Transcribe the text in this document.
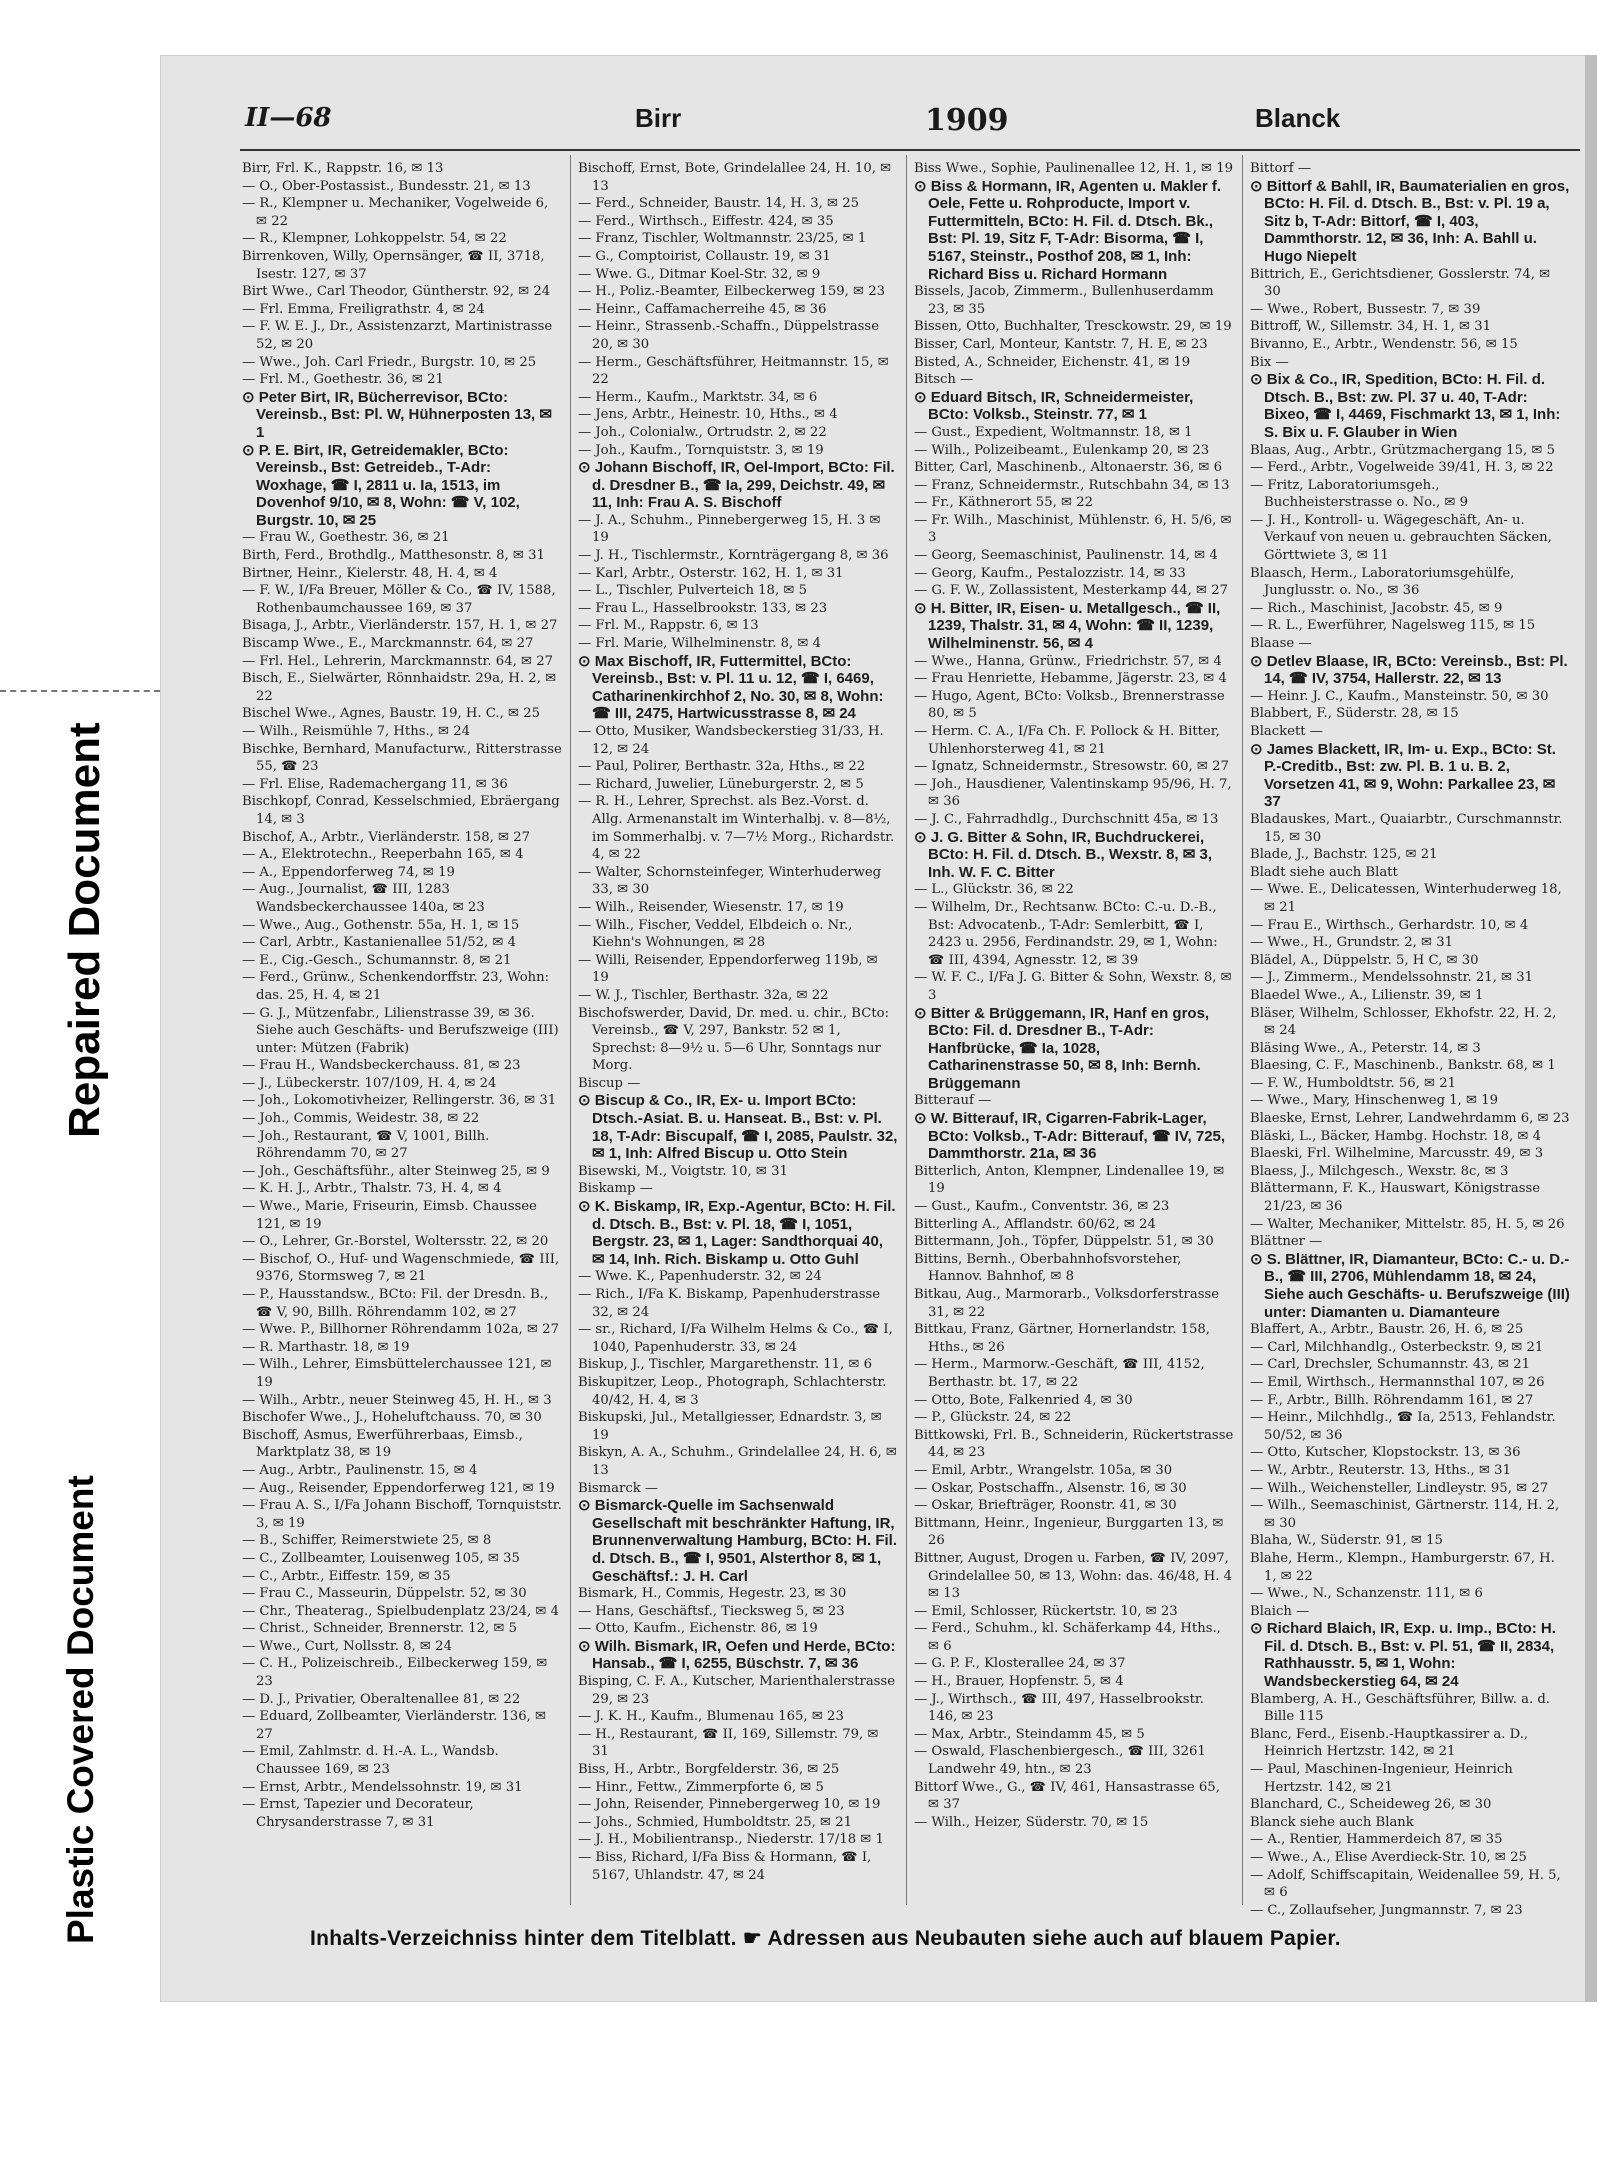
Repaired Document
Plastic Covered Document
II—68	Birr	1909	Blanck

Birr, Frl. K., Rappstr. 16, ✉ 13

— O., Ober-Postassist., Bundesstr. 21, ✉ 13

— R., Klempner u. Mechaniker, Vogelweide 6, ✉ 22

— R., Klempner, Lohkoppelstr. 54, ✉ 22

Birrenkoven, Willy, Opernsänger, ☎ II, 3718, Isestr. 127, ✉ 37

Birt Wwe., Carl Theodor, Güntherstr. 92, ✉ 24

— Frl. Emma, Freiligrathstr. 4, ✉ 24

— F. W. E. J., Dr., Assistenzarzt, Martinistrasse 52, ✉ 20

— Wwe., Joh. Carl Friedr., Burgstr. 10, ✉ 25

— Frl. M., Goethestr. 36, ✉ 21

⊙ Peter Birt, IR, Bücherrevisor, BCto: Vereinsb., Bst: Pl. W, Hühnerposten 13, ✉ 1

⊙ P. E. Birt, IR, Getreidemakler, BCto: Vereinsb., Bst: Getreideb., T-Adr: Woxhage, ☎ I, 2811 u. Ia, 1513, im Dovenhof 9/10, ✉ 8, Wohn: ☎ V, 102, Burgstr. 10, ✉ 25

— Frau W., Goethestr. 36, ✉ 21

Birth, Ferd., Brothdlg., Matthesonstr. 8, ✉ 31

Birtner, Heinr., Kielerstr. 48, H. 4, ✉ 4

— F. W., I/Fa Breuer, Möller & Co., ☎ IV, 1588, Rothenbaumchaussee 169, ✉ 37

Bisaga, J., Arbtr., Vierländerstr. 157, H. 1, ✉ 27

Biscamp Wwe., E., Marckmannstr. 64, ✉ 27

— Frl. Hel., Lehrerin, Marckmannstr. 64, ✉ 27

Bisch, E., Sielwärter, Rönnhaidstr. 29a, H. 2, ✉ 22

Bischel Wwe., Agnes, Baustr. 19, H. C., ✉ 25

— Wilh., Reismühle 7, Hths., ✉ 24

Bischke, Bernhard, Manufacturw., Ritterstrasse 55, ☎ 23

— Frl. Elise, Rademachergang 11, ✉ 36

Bischkopf, Conrad, Kesselschmied, Ebräergang 14, ✉ 3

Bischof, A., Arbtr., Vierländerstr. 158, ✉ 27

— A., Elektrotechn., Reeperbahn 165, ✉ 4

— A., Eppendorferweg 74, ✉ 19

— Aug., Journalist, ☎ III, 1283 Wandsbeckerchaussee 140a, ✉ 23

— Wwe., Aug., Gothenstr. 55a, H. 1, ✉ 15

— Carl, Arbtr., Kastanienallee 51/52, ✉ 4

— E., Cig.-Gesch., Schumannstr. 8, ✉ 21

— Ferd., Grünw., Schenkendorffstr. 23, Wohn: das. 25, H. 4, ✉ 21

— G. J., Mützenfabr., Lilienstrasse 39, ✉ 36. Siehe auch Geschäfts- und Berufszweige (III) unter: Mützen (Fabrik)

— Frau H., Wandsbeckerchauss. 81, ✉ 23

— J., Lübeckerstr. 107/109, H. 4, ✉ 24

— Joh., Lokomotivheizer, Rellingerstr. 36, ✉ 31

— Joh., Commis, Weidestr. 38, ✉ 22

— Joh., Restaurant, ☎ V, 1001, Billh. Röhrendamm 70, ✉ 27

— Joh., Geschäftsführ., alter Steinweg 25, ✉ 9

— K. H. J., Arbtr., Thalstr. 73, H. 4, ✉ 4

— Wwe., Marie, Friseurin, Eimsb. Chaussee 121, ✉ 19

— O., Lehrer, Gr.-Borstel, Woltersstr. 22, ✉ 20

— Bischof, O., Huf- und Wagenschmiede, ☎ III, 9376, Stormsweg 7, ✉ 21

— P., Hausstandsw., BCto: Fil. der Dresdn. B., ☎ V, 90, Billh. Röhrendamm 102, ✉ 27

— Wwe. P., Billhorner Röhrendamm 102a, ✉ 27

— R. Marthastr. 18, ✉ 19

— Wilh., Lehrer, Eimsbüttelerchaussee 121, ✉ 19

— Wilh., Arbtr., neuer Steinweg 45, H. H., ✉ 3

Bischofer Wwe., J., Hoheluftchauss. 70, ✉ 30

Bischoff, Asmus, Ewerführerbaas, Eimsb., Marktplatz 38, ✉ 19

— Aug., Arbtr., Paulinenstr. 15, ✉ 4

— Aug., Reisender, Eppendorferweg 121, ✉ 19

— Frau A. S., I/Fa Johann Bischoff, Tornquiststr. 3, ✉ 19

— B., Schiffer, Reimerstwiete 25, ✉ 8

— C., Zollbeamter, Louisenweg 105, ✉ 35

— C., Arbtr., Eiffestr. 159, ✉ 35

— Frau C., Masseurin, Düppelstr. 52, ✉ 30

— Chr., Theaterag., Spielbudenplatz 23/24, ✉ 4

— Christ., Schneider, Brennerstr. 12, ✉ 5

— Wwe., Curt, Nollsstr. 8, ✉ 24

— C. H., Polizeischreib., Eilbeckerweg 159, ✉ 23

— D. J., Privatier, Oberaltenallee 81, ✉ 22

— Eduard, Zollbeamter, Vierländerstr. 136, ✉ 27

— Emil, Zahlmstr. d. H.-A. L., Wandsb. Chaussee 169, ✉ 23

— Ernst, Arbtr., Mendelssohnstr. 19, ✉ 31

— Ernst, Tapezier und Decorateur, Chrysanderstrasse 7, ✉ 31

Bischoff, Ernst, Bote, Grindelallee 24, H. 10, ✉ 13

— Ferd., Schneider, Baustr. 14, H. 3, ✉ 25

— Ferd., Wirthsch., Eiffestr. 424, ✉ 35

— Franz, Tischler, Woltmannstr. 23/25, ✉ 1

— G., Comptoirist, Collaustr. 19, ✉ 31

— Wwe. G., Ditmar Koel-Str. 32, ✉ 9

— H., Poliz.-Beamter, Eilbeckerweg 159, ✉ 23

— Heinr., Caffamacherreihe 45, ✉ 36

— Heinr., Strassenb.-Schaffn., Düppelstrasse 20, ✉ 30

— Herm., Geschäftsführer, Heitmannstr. 15, ✉ 22

— Herm., Kaufm., Marktstr. 34, ✉ 6

— Jens, Arbtr., Heinestr. 10, Hths., ✉ 4

— Joh., Colonialw., Ortrudstr. 2, ✉ 22

— Joh., Kaufm., Tornquiststr. 3, ✉ 19

⊙ Johann Bischoff, IR, Oel-Import, BCto: Fil. d. Dresdner B., ☎ Ia, 299, Deichstr. 49, ✉ 11, Inh: Frau A. S. Bischoff

— J. A., Schuhm., Pinnebergerweg 15, H. 3 ✉ 19

— J. H., Tischlermstr., Kornträgergang 8, ✉ 36

— Karl, Arbtr., Osterstr. 162, H. 1, ✉ 31

— L., Tischler, Pulverteich 18, ✉ 5

— Frau L., Hasselbrookstr. 133, ✉ 23

— Frl. M., Rappstr. 6, ✉ 13

— Frl. Marie, Wilhelminenstr. 8, ✉ 4

⊙ Max Bischoff, IR, Futtermittel, BCto: Vereinsb., Bst: v. Pl. 11 u. 12, ☎ I, 6469, Catharinenkirchhof 2, No. 30, ✉ 8, Wohn: ☎ III, 2475, Hartwicusstrasse 8, ✉ 24

— Otto, Musiker, Wandsbeckerstieg 31/33, H. 12, ✉ 24

— Paul, Polirer, Berthastr. 32a, Hths., ✉ 22

— Richard, Juwelier, Lüneburgerstr. 2, ✉ 5

— R. H., Lehrer, Sprechst. als Bez.-Vorst. d. Allg. Armenanstalt im Winterhalbj. v. 8—8½, im Sommerhalbj. v. 7—7½ Morg., Richardstr. 4, ✉ 22

— Walter, Schornsteinfeger, Winterhuderweg 33, ✉ 30

— Wilh., Reisender, Wiesenstr. 17, ✉ 19

— Wilh., Fischer, Veddel, Elbdeich o. Nr., Kiehn's Wohnungen, ✉ 28

— Willi, Reisender, Eppendorferweg 119b, ✉ 19

— W. J., Tischler, Berthastr. 32a, ✉ 22

Bischofswerder, David, Dr. med. u. chir., BCto: Vereinsb., ☎ V, 297, Bankstr. 52 ✉ 1, Sprechst: 8—9½ u. 5—6 Uhr, Sonntags nur Morg.

Biscup —

⊙ Biscup & Co., IR, Ex- u. Import BCto: Dtsch.-Asiat. B. u. Hanseat. B., Bst: v. Pl. 18, T-Adr: Biscupalf, ☎ I, 2085, Paulstr. 32, ✉ 1, Inh: Alfred Biscup u. Otto Stein

Bisewski, M., Voigtstr. 10, ✉ 31

Biskamp —

⊙ K. Biskamp, IR, Exp.-Agentur, BCto: H. Fil. d. Dtsch. B., Bst: v. Pl. 18, ☎ I, 1051, Bergstr. 23, ✉ 1, Lager: Sandthorquai 40, ✉ 14, Inh. Rich. Biskamp u. Otto Guhl

— Wwe. K., Papenhuderstr. 32, ✉ 24

— Rich., I/Fa K. Biskamp, Papenhuderstrasse 32, ✉ 24

— sr., Richard, I/Fa Wilhelm Helms & Co., ☎ I, 1040, Papenhuderstr. 33, ✉ 24

Biskup, J., Tischler, Margarethenstr. 11, ✉ 6

Biskupitzer, Leop., Photograph, Schlachterstr. 40/42, H. 4, ✉ 3

Biskupski, Jul., Metallgiesser, Ednardstr. 3, ✉ 19

Biskyn, A. A., Schuhm., Grindelallee 24, H. 6, ✉ 13

Bismarck —

⊙ Bismarck-Quelle im Sachsenwald Gesellschaft mit beschränkter Haftung, IR, Brunnenverwaltung Hamburg, BCto: H. Fil. d. Dtsch. B., ☎ I, 9501, Alsterthor 8, ✉ 1, Geschäftsf.: J. H. Carl

Bismark, H., Commis, Hegestr. 23, ✉ 30

— Hans, Geschäftsf., Tiecksweg 5, ✉ 23

— Otto, Kaufm., Eichenstr. 86, ✉ 19

⊙ Wilh. Bismark, IR, Oefen und Herde, BCto: Hansab., ☎ I, 6255, Büschstr. 7, ✉ 36

Bisping, C. F. A., Kutscher, Marienthalerstrasse 29, ✉ 23

— J. K. H., Kaufm., Blumenau 165, ✉ 23

— H., Restaurant, ☎ II, 169, Sillemstr. 79, ✉ 31

Biss, H., Arbtr., Borgfelderstr. 36, ✉ 25

— Hinr., Fettw., Zimmerpforte 6, ✉ 5

— John, Reisender, Pinnebergerweg 10, ✉ 19

— Johs., Schmied, Humboldtstr. 25, ✉ 21

— J. H., Mobilientransp., Niederstr. 17/18 ✉ 1

— Biss, Richard, I/Fa Biss & Hormann, ☎ I, 5167, Uhlandstr. 47, ✉ 24

Biss Wwe., Sophie, Paulinenallee 12, H. 1, ✉ 19

⊙ Biss & Hormann, IR, Agenten u. Makler f. Oele, Fette u. Rohproducte, Import v. Futtermitteln, BCto: H. Fil. d. Dtsch. Bk., Bst: Pl. 19, Sitz F, T-Adr: Bisorma, ☎ I, 5167, Steinstr., Posthof 208, ✉ 1, Inh: Richard Biss u. Richard Hormann

Bissels, Jacob, Zimmerm., Bullenhuserdamm 23, ✉ 35

Bissen, Otto, Buchhalter, Tresckowstr. 29, ✉ 19

Bisser, Carl, Monteur, Kantstr. 7, H. E, ✉ 23

Bisted, A., Schneider, Eichenstr. 41, ✉ 19

Bitsch —

⊙ Eduard Bitsch, IR, Schneidermeister, BCto: Volksb., Steinstr. 77, ✉ 1

— Gust., Expedient, Woltmannstr. 18, ✉ 1

— Wilh., Polizeibeamt., Eulenkamp 20, ✉ 23

Bitter, Carl, Maschinenb., Altonaerstr. 36, ✉ 6

— Franz, Schneidermstr., Rutschbahn 34, ✉ 13

— Fr., Käthnerort 55, ✉ 22

— Fr. Wilh., Maschinist, Mühlenstr. 6, H. 5/6, ✉ 3

— Georg, Seemaschinist, Paulinenstr. 14, ✉ 4

— Georg, Kaufm., Pestalozzistr. 14, ✉ 33

— G. F. W., Zollassistent, Mesterkamp 44, ✉ 27

⊙ H. Bitter, IR, Eisen- u. Metallgesch., ☎ II, 1239, Thalstr. 31, ✉ 4, Wohn: ☎ II, 1239, Wilhelminenstr. 56, ✉ 4

— Wwe., Hanna, Grünw., Friedrichstr. 57, ✉ 4

— Frau Henriette, Hebamme, Jägerstr. 23, ✉ 4

— Hugo, Agent, BCto: Volksb., Brennerstrasse 80, ✉ 5

— Herm. C. A., I/Fa Ch. F. Pollock & H. Bitter, Uhlenhorsterweg 41, ✉ 21

— Ignatz, Schneidermstr., Stresowstr. 60, ✉ 27

— Joh., Hausdiener, Valentinskamp 95/96, H. 7, ✉ 36

— J. C., Fahrradhdlg., Durchschnitt 45a, ✉ 13

⊙ J. G. Bitter & Sohn, IR, Buchdruckerei, BCto: H. Fil. d. Dtsch. B., Wexstr. 8, ✉ 3, Inh. W. F. C. Bitter

— L., Glückstr. 36, ✉ 22

— Wilhelm, Dr., Rechtsanw. BCto: C.-u. D.-B., Bst: Advocatenb., T-Adr: Semlerbitt, ☎ I, 2423 u. 2956, Ferdinandstr. 29, ✉ 1, Wohn: ☎ III, 4394, Agnesstr. 12, ✉ 39

— W. F. C., I/Fa J. G. Bitter & Sohn, Wexstr. 8, ✉ 3

⊙ Bitter & Brüggemann, IR, Hanf en gros, BCto: Fil. d. Dresdner B., T-Adr: Hanfbrücke, ☎ Ia, 1028, Catharinenstrasse 50, ✉ 8, Inh: Bernh. Brüggemann

Bitterauf —

⊙ W. Bitterauf, IR, Cigarren-Fabrik-Lager, BCto: Volksb., T-Adr: Bitterauf, ☎ IV, 725, Dammthorstr. 21a, ✉ 36

Bitterlich, Anton, Klempner, Lindenallee 19, ✉ 19

— Gust., Kaufm., Conventstr. 36, ✉ 23

Bitterling A., Afflandstr. 60/62, ✉ 24

Bittermann, Joh., Töpfer, Düppelstr. 51, ✉ 30

Bittins, Bernh., Oberbahnhofsvorsteher, Hannov. Bahnhof, ✉ 8

Bitkau, Aug., Marmorarb., Volksdorferstrasse 31, ✉ 22

Bittkau, Franz, Gärtner, Hornerlandstr. 158, Hths., ✉ 26

— Herm., Marmorw.-Geschäft, ☎ III, 4152, Berthastr. bt. 17, ✉ 22

— Otto, Bote, Falkenried 4, ✉ 30

— P., Glückstr. 24, ✉ 22

Bittkowski, Frl. B., Schneiderin, Rückertstrasse 44, ✉ 23

— Emil, Arbtr., Wrangelstr. 105a, ✉ 30

— Oskar, Postschaffn., Alsenstr. 16, ✉ 30

— Oskar, Briefträger, Roonstr. 41, ✉ 30

Bittmann, Heinr., Ingenieur, Burggarten 13, ✉ 26

Bittner, August, Drogen u. Farben, ☎ IV, 2097, Grindelallee 50, ✉ 13, Wohn: das. 46/48, H. 4 ✉ 13

— Emil, Schlosser, Rückertstr. 10, ✉ 23

— Ferd., Schuhm., kl. Schäferkamp 44, Hths., ✉ 6

— G. P. F., Klosterallee 24, ✉ 37

— H., Brauer, Hopfenstr. 5, ✉ 4

— J., Wirthsch., ☎ III, 497, Hasselbrookstr. 146, ✉ 23

— Max, Arbtr., Steindamm 45, ✉ 5

— Oswald, Flaschenbiergesch., ☎ III, 3261 Landwehr 49, htn., ✉ 23

Bittorf Wwe., G., ☎ IV, 461, Hansastrasse 65, ✉ 37

— Wilh., Heizer, Süderstr. 70, ✉ 15

Bittorf —

⊙ Bittorf & Bahll, IR, Baumaterialien en gros, BCto: H. Fil. d. Dtsch. B., Bst: v. Pl. 19 a, Sitz b, T-Adr: Bittorf, ☎ I, 403, Dammthorstr. 12, ✉ 36, Inh: A. Bahll u. Hugo Niepelt

Bittrich, E., Gerichtsdiener, Gosslerstr. 74, ✉ 30

— Wwe., Robert, Bussestr. 7, ✉ 39

Bittroff, W., Sillemstr. 34, H. 1, ✉ 31

Bivanno, E., Arbtr., Wendenstr. 56, ✉ 15

Bix —

⊙ Bix & Co., IR, Spedition, BCto: H. Fil. d. Dtsch. B., Bst: zw. Pl. 37 u. 40, T-Adr: Bixeo, ☎ I, 4469, Fischmarkt 13, ✉ 1, Inh: S. Bix u. F. Glauber in Wien

Blaas, Aug., Arbtr., Grützmachergang 15, ✉ 5

— Ferd., Arbtr., Vogelweide 39/41, H. 3, ✉ 22

— Fritz, Laboratoriumsgeh., Buchheisterstrasse o. No., ✉ 9

— J. H., Kontroll- u. Wägegeschäft, An- u. Verkauf von neuen u. gebrauchten Säcken, Görttwiete 3, ✉ 11

Blaasch, Herm., Laboratoriumsgehülfe, Junglusstr. o. No., ✉ 36

— Rich., Maschinist, Jacobstr. 45, ✉ 9

— R. L., Ewerführer, Nagelsweg 115, ✉ 15

Blaase —

⊙ Detlev Blaase, IR, BCto: Vereinsb., Bst: Pl. 14, ☎ IV, 3754, Hallerstr. 22, ✉ 13

— Heinr. J. C., Kaufm., Mansteinstr. 50, ✉ 30

Blabbert, F., Süderstr. 28, ✉ 15

Blackett —

⊙ James Blackett, IR, Im- u. Exp., BCto: St. P.-Creditb., Bst: zw. Pl. B. 1 u. B. 2, Vorsetzen 41, ✉ 9, Wohn: Parkallee 23, ✉ 37

Bladauskes, Mart., Quaiarbtr., Curschmannstr. 15, ✉ 30

Blade, J., Bachstr. 125, ✉ 21

Bladt siehe auch Blatt

— Wwe. E., Delicatessen, Winterhuderweg 18, ✉ 21

— Frau E., Wirthsch., Gerhardstr. 10, ✉ 4

— Wwe., H., Grundstr. 2, ✉ 31

Blädel, A., Düppelstr. 5, H C, ✉ 30

— J., Zimmerm., Mendelssohnstr. 21, ✉ 31

Blaedel Wwe., A., Lilienstr. 39, ✉ 1

Bläser, Wilhelm, Schlosser, Ekhofstr. 22, H. 2, ✉ 24

Bläsing Wwe., A., Peterstr. 14, ✉ 3

Blaesing, C. F., Maschinenb., Bankstr. 68, ✉ 1

— F. W., Humboldtstr. 56, ✉ 21

— Wwe., Mary, Hinschenweg 1, ✉ 19

Blaeske, Ernst, Lehrer, Landwehrdamm 6, ✉ 23

Bläski, L., Bäcker, Hambg. Hochstr. 18, ✉ 4

Blaeski, Frl. Wilhelmine, Marcusstr. 49, ✉ 3

Blaess, J., Milchgesch., Wexstr. 8c, ✉ 3

Blättermann, F. K., Hauswart, Königstrasse 21/23, ✉ 36

— Walter, Mechaniker, Mittelstr. 85, H. 5, ✉ 26

Blättner —

⊙ S. Blättner, IR, Diamanteur, BCto: C.- u. D.-B., ☎ III, 2706, Mühlendamm 18, ✉ 24, Siehe auch Geschäfts- u. Berufszweige (III) unter: Diamanten u. Diamanteure

Blaffert, A., Arbtr., Baustr. 26, H. 6, ✉ 25

— Carl, Milchhandlg., Osterbeckstr. 9, ✉ 21

— Carl, Drechsler, Schumannstr. 43, ✉ 21

— Emil, Wirthsch., Hermannsthal 107, ✉ 26

— F., Arbtr., Billh. Röhrendamm 161, ✉ 27

— Heinr., Milchhdlg., ☎ Ia, 2513, Fehlandstr. 50/52, ✉ 36

— Otto, Kutscher, Klopstockstr. 13, ✉ 36

— W., Arbtr., Reuterstr. 13, Hths., ✉ 31

— Wilh., Weichensteller, Lindleystr. 95, ✉ 27

— Wilh., Seemaschinist, Gärtnerstr. 114, H. 2, ✉ 30

Blaha, W., Süderstr. 91, ✉ 15

Blahe, Herm., Klempn., Hamburgerstr. 67, H. 1, ✉ 22

— Wwe., N., Schanzenstr. 111, ✉ 6

Blaich —

⊙ Richard Blaich, IR, Exp. u. Imp., BCto: H. Fil. d. Dtsch. B., Bst: v. Pl. 51, ☎ II, 2834, Rathhausstr. 5, ✉ 1, Wohn: Wandsbeckerstieg 64, ✉ 24

Blamberg, A. H., Geschäftsführer, Billw. a. d. Bille 115

Blanc, Ferd., Eisenb.-Hauptkassirer a. D., Heinrich Hertzstr. 142, ✉ 21

— Paul, Maschinen-Ingenieur, Heinrich Hertzstr. 142, ✉ 21

Blanchard, C., Scheideweg 26, ✉ 30

Blanck siehe auch Blank

— A., Rentier, Hammerdeich 87, ✉ 35

— Wwe., A., Elise Averdieck-Str. 10, ✉ 25

— Adolf, Schiffscapitain, Weidenallee 59, H. 5, ✉ 6

— C., Zollaufseher, Jungmannstr. 7, ✉ 23

Inhalts-Verzeichniss hinter dem Titelblatt. ☛ Adressen aus Neubauten siehe auch auf blauem Papier.
